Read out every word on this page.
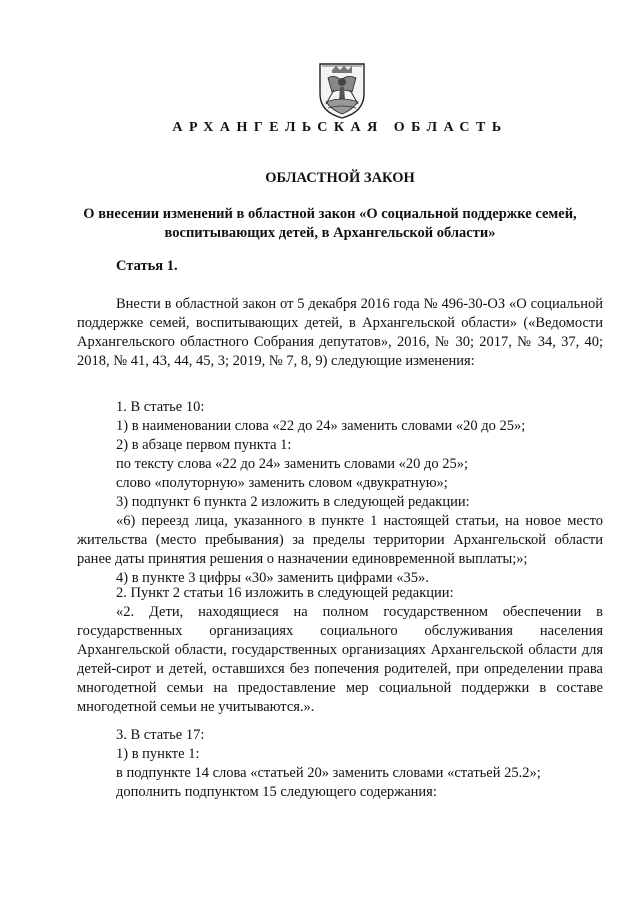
АРХАНГЕЛЬСКАЯ ОБЛАСТЬ
ОБЛАСТНОЙ ЗАКОН
О внесении изменений в областной закон «О социальной поддержке семей,
воспитывающих детей, в Архангельской области»
Статья 1.
Внести в областной закон от 5 декабря 2016 года № 496-30-ОЗ «О социальной поддержке семей, воспитывающих детей, в Архангельской области» («Ведомости Архангельского областного Собрания депутатов», 2016, № 30; 2017, № 34, 37, 40; 2018, № 41, 43, 44, 45, 3; 2019, № 7, 8, 9) следующие изменения:
1. В статье 10:
1) в наименовании слова «22 до 24» заменить словами «20 до 25»;
2) в абзаце первом пункта 1:
по тексту слова «22 до 24» заменить словами «20 до 25»;
слово «полуторную» заменить словом «двукратную»;
3) подпункт 6 пункта 2 изложить в следующей редакции:
«6) переезд лица, указанного в пункте 1 настоящей статьи, на новое место жительства (место пребывания) за пределы территории Архангельской области ранее даты принятия решения о назначении единовременной выплаты;»;
4) в пункте 3 цифры «30» заменить цифрами «35».
2. Пункт 2 статьи 16 изложить в следующей редакции:
«2. Дети, находящиеся на полном государственном обеспечении в государственных организациях социального обслуживания населения Архангельской области, государственных организациях Архангельской области для детей-сирот и детей, оставшихся без попечения родителей, при определении права многодетной семьи на предоставление мер социальной поддержки в составе многодетной семьи не учитываются.».
3. В статье 17:
1) в пункте 1:
в подпункте 14 слова «статьей 20» заменить словами «статьей 25.2»;
дополнить подпунктом 15 следующего содержания:
